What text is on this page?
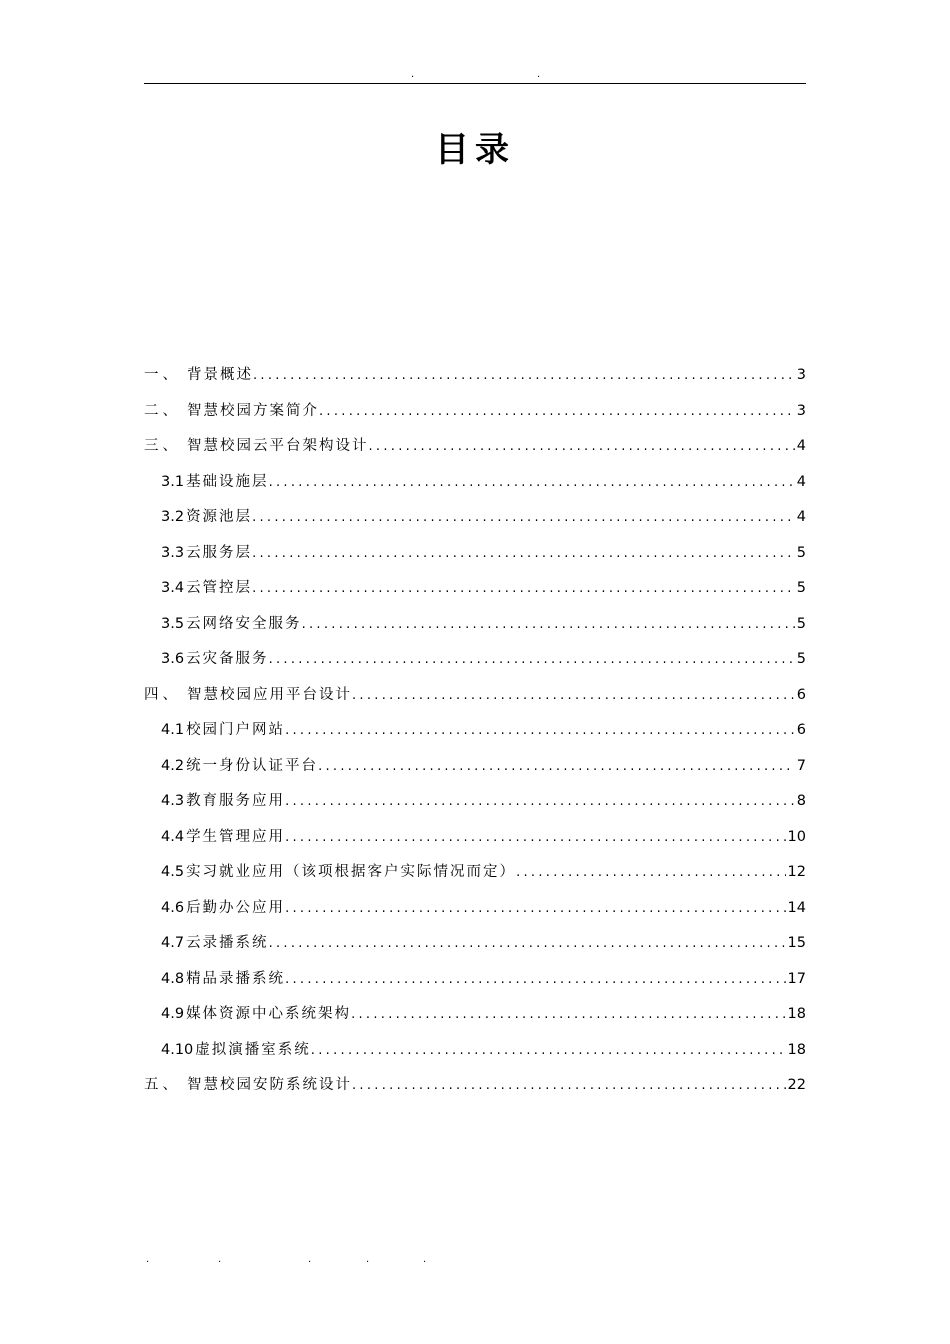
.	.
目录
一、 背景概述 .....	3
二、 智慧校园方案简介 .....	3
三、 智慧校园云平台架构设计 .....	4
3.1 基础设施层 .....	4
3.2 资源池层 .....	4
3.3 云服务层 .....	5
3.4 云管控层 .....	5
3.5 云网络安全服务 .....	5
3.6 云灾备服务 .....	5
四、 智慧校园应用平台设计 .....	6
4.1 校园门户网站 .....	6
4.2 统一身份认证平台 .....	7
4.3 教育服务应用 .....	8
4.4 学生管理应用 .....	10
4.5 实习就业应用（该项根据客户实际情况而定） .....	12
4.6 后勤办公应用 .....	14
4.7 云录播系统 .....	15
4.8 精品录播系统 .....	17
4.9 媒体资源中心系统架构 .....	18
4.10 虚拟演播室系统 .....	18
五、 智慧校园安防系统设计 .....	22
.	.	.	.	.
